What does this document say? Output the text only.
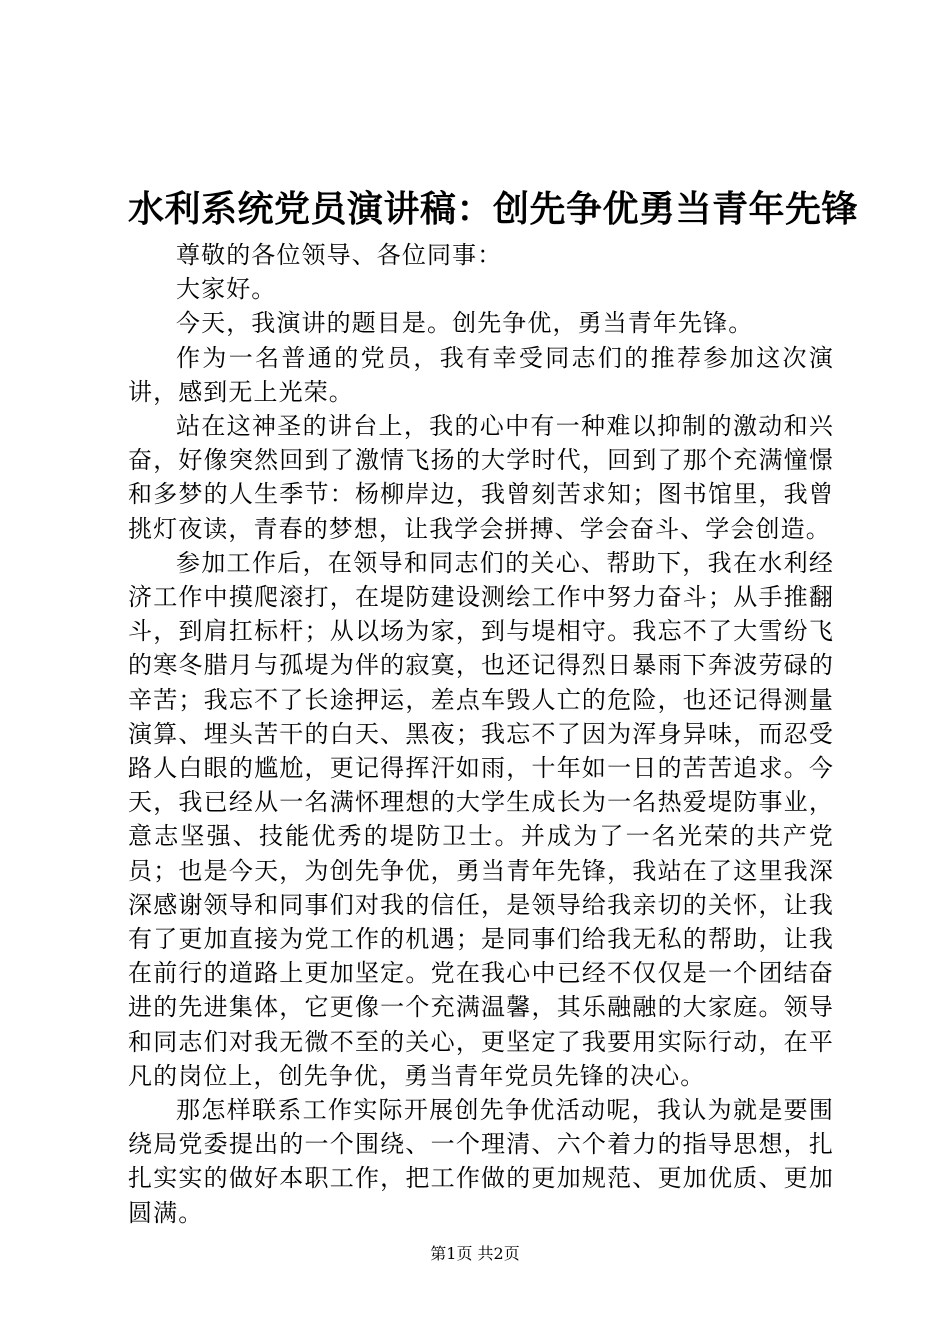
水利系统党员演讲稿：创先争优勇当青年先锋

尊敬的各位领导、各位同事：

大家好。

今天，我演讲的题目是。创先争优，勇当青年先锋。

作为一名普通的党员，我有幸受同志们的推荐参加这次演讲，感到无上光荣。

站在这神圣的讲台上，我的心中有一种难以抑制的激动和兴奋，好像突然回到了激情飞扬的大学时代，回到了那个充满憧憬和多梦的人生季节：杨柳岸边，我曾刻苦求知；图书馆里，我曾挑灯夜读，青春的梦想，让我学会拼搏、学会奋斗、学会创造。

参加工作后，在领导和同志们的关心、帮助下，我在水利经济工作中摸爬滚打，在堤防建设测绘工作中努力奋斗；从手推翻斗，到肩扛标杆；从以场为家，到与堤相守。我忘不了大雪纷飞的寒冬腊月与孤堤为伴的寂寞，也还记得烈日暴雨下奔波劳碌的辛苦；我忘不了长途押运，差点车毁人亡的危险，也还记得测量演算、埋头苦干的白天、黑夜；我忘不了因为浑身异味，而忍受路人白眼的尴尬，更记得挥汗如雨，十年如一日的苦苦追求。今天，我已经从一名满怀理想的大学生成长为一名热爱堤防事业，意志坚强、技能优秀的堤防卫士。并成为了一名光荣的共产党员；也是今天，为创先争优，勇当青年先锋，我站在了这里我深深感谢领导和同事们对我的信任，是领导给我亲切的关怀，让我有了更加直接为党工作的机遇；是同事们给我无私的帮助，让我在前行的道路上更加坚定。党在我心中已经不仅仅是一个团结奋进的先进集体，它更像一个充满温馨，其乐融融的大家庭。领导和同志们对我无微不至的关心，更坚定了我要用实际行动，在平凡的岗位上，创先争优，勇当青年党员先锋的决心。

那怎样联系工作实际开展创先争优活动呢，我认为就是要围绕局党委提出的一个围绕、一个理清、六个着力的指导思想，扎扎实实的做好本职工作，把工作做的更加规范、更加优质、更加圆满。

第1页 共2页
